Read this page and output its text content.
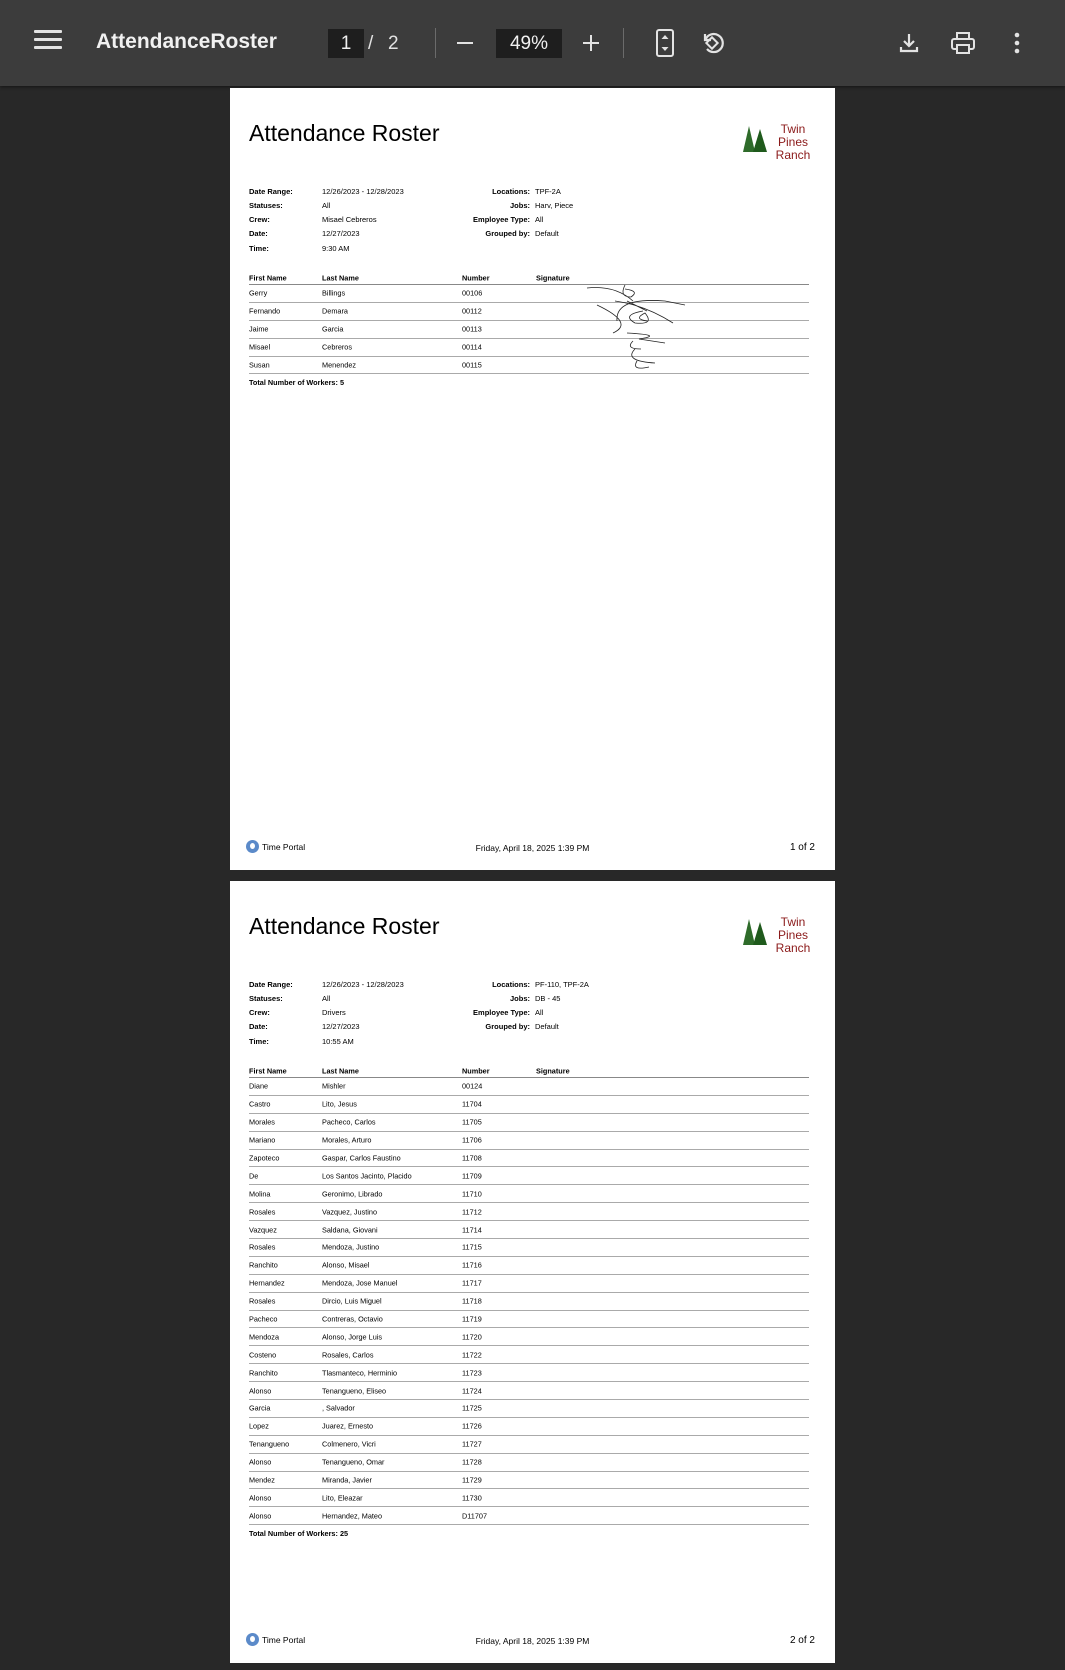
AttendanceRoster	1 / 2	49%
Attendance Roster	Twin Pines
Ranch
Date Range:	12/26/2023 - 12/28/2023
Statuses:	All
Crew:	Misael Cebreros
Date:	12/27/2023
Time:	9:30 AM
Locations: TPF-2A
Jobs: Harv, Piece
Employee Type: All
Grouped by: Default
First Name	Last Name	Number	Signature
Gerry	Billings	00106
Fernando	Demara	00112
Jaime	Garcia	00113
Misael	Cebreros	00114
Susan	Menendez	00115
Total Number of Workers: 5
Time Portal	Friday, April 18, 2025 1:39 PM	1 of 2
Attendance Roster	Twin Pines
Ranch
Date Range:	12/26/2023 - 12/28/2023
Statuses:	All
Crew:	Drivers
Date:	12/27/2023
Time:	10:55 AM
Locations: PF-110, TPF-2A
Jobs: DB - 45
Employee Type: All
Grouped by: Default
First Name	Last Name	Number	Signature
Diane	Mishler	00124
Castro	Lito, Jesus	11704
Morales	Pacheco, Carlos	11705
Mariano	Morales, Arturo	11706
Zapoteco	Gaspar, Carlos Faustino	11708
De	Los Santos Jacinto, Placido	11709
Molina	Geronimo, Librado	11710
Rosales	Vazquez, Justino	11712
Vazquez	Saldana, Giovani	11714
Rosales	Mendoza, Justino	11715
Ranchito	Alonso, Misael	11716
Hernandez	Mendoza, Jose Manuel	11717
Rosales	Dircio, Luis Miguel	11718
Pacheco	Contreras, Octavio	11719
Mendoza	Alonso, Jorge Luis	11720
Costeno	Rosales, Carlos	11722
Ranchito	Tlasmanteco, Herminio	11723
Alonso	Tenangueno, Eliseo	11724
Garcia	, Salvador	11725
Lopez	Juarez, Ernesto	11726
Tenangueno	Colmenero, Vicri	11727
Alonso	Tenangueno, Omar	11728
Mendez	Miranda, Javier	11729
Alonso	Lito, Eleazar	11730
Alonso	Hernandez, Mateo	D11707
Total Number of Workers: 25
Time Portal	Friday, April 18, 2025 1:39 PM	2 of 2
